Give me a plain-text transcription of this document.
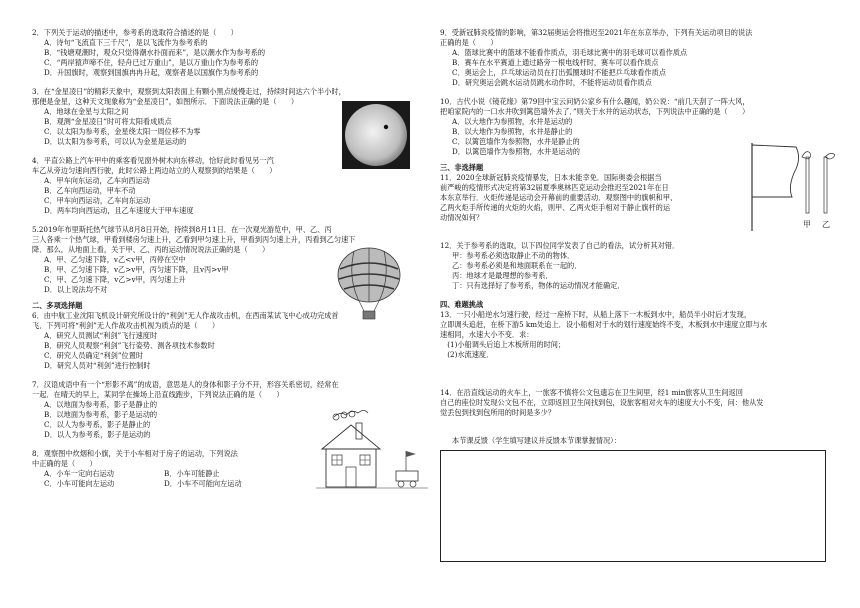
2．下列关于运动的描述中，参考系的选取符合描述的是（　　）
A．诗句“飞流直下三千尺”，是以飞流作为参考系的
B．“钱塘观潮时，观众只觉得潮水扑面而来”，是以潮水作为参考系的
C．“两岸猿声啼不住，轻舟已过万重山”，是以万重山作为参考系的
D．升国旗时，观察到国旗冉冉升起，观察者是以国旗作为参考系的
3．在“金星凌日”的精彩天象中，观察到太阳表面上有颗小黑点缓慢走过，持续时间达六个半小时，
那便是金星，这种天文现象称为“金星凌日”，如图所示．下面说法正确的是（　　）
A．地球在金星与太阳之间
B．观测“金星凌日”时可将太阳看成质点
C．以太阳为参考系，金星绕太阳一周位移不为零
D．以太阳为参考系，可以认为金星是运动的
4．平直公路上汽车甲中的乘客看见窗外树木向东移动，恰好此时看见另一汽
车乙从旁边匀速向西行驶，此时公路上两边站立的人观察到的结果是（　　）
A．甲车向东运动，乙车向西运动
B．乙车向西运动，甲车不动
C．甲车向西运动，乙车向东运动
D．两车均向西运动，且乙车速度大于甲车速度
5.2019年布里斯托热气球节从8月8日开始，持续到8月11日．在一次观光游览中，甲、乙、丙
三人各乘一个热气球，甲看到楼房匀速上升，乙看到甲匀速上升，甲看到丙匀速上升，丙看到乙匀速下
降．那么，从地面上看，关于甲、乙、丙的运动情况说法正确的是（　　）
A．甲、乙匀速下降，v乙<v甲，丙停在空中
B．甲、乙匀速下降，v乙>v甲，丙匀速下降，且v丙>v甲
C．甲、乙匀速下降，v乙>v甲，丙匀速上升
D．以上说法均不对
二、多项选择题
6．由中航工业沈阳飞机设计研究所设计的“利剑”无人作战攻击机，在西南某试飞中心成功完成首
飞．下列可将“利剑”无人作战攻击机视为质点的是（　　）
A．研究人员测试“利剑”飞行速度时
B．研究人员观察“利剑”飞行姿势、测各项技术参数时
C．研究人员确定“利剑”位置时
D．研究人员对“利剑”进行控制时
7．汉语成语中有一个“形影不离”的成语，意思是人的身体和影子分不开，形容关系密切，经常在
一起．在晴天的早上，某同学在操场上沿直线跑步，下列说法正确的是（　　）
A．以地面为参考系，影子是静止的
B．以地面为参考系，影子是运动的
C．以人为参考系，影子是静止的
D．以人为参考系，影子是运动的
8．观察图中炊烟和小旗，关于小车相对于房子的运动，下列说法
中正确的是（　　）
A．小车一定向右运动	B．小车可能静止
C．小车可能向左运动	D．小车不可能向左运动
9．受新冠肺炎疫情的影响，第32届奥运会将推迟至2021年在东京举办，下列有关运动项目的说法
正确的是（　　）
A．篮球比赛中的篮球不能看作质点，羽毛球比赛中的羽毛球可以看作质点
B．赛车在水平赛道上通过路旁一根电线杆时，赛车可以看作质点
C．奥运会上，乒乓球运动员在打出弧圈球时不能把乒乓球看作质点
D．研究奥运会跳水运动员跳水动作时，不能将运动员看作质点
10．古代小说《镜花缘》第79回中宝云问奶公家乡有什么趣闻，奶公说：“前几天刮了一阵大风，
把咱家院内的一口水井吹到篱笆墙外去了．”则关于水井的运动状态，下列说法中正确的是（　　）
A．以大地作为参照物，水井是运动的
B．以大地作为参照物，水井是静止的
C．以篱笆墙作为参照物，水井是静止的
D．以篱笆墙作为参照物，水井是运动的
三、非选择题
11．2020全球新冠肺炎疫情暴发，日本未能幸免．国际奥委会根据当
前严峻的疫情形式决定将第32届夏季奥林匹克运动会推迟至2021年在日
本东京举行．火炬传递是运动会开幕前的重要活动．观察图中的旗帜和甲、
乙两火炬手所传递的火炬的火焰，则甲、乙两火炬手相对于静止旗杆的运
动情况如何？
甲 乙
12．关于参考系的选取，以下四位同学发表了自己的看法，试分析其对错．
甲：参考系必须选取静止不动的物体．
乙：参考系必须是和地面联系在一起的．
丙：地球才是最理想的参考系．
丁：只有选择好了参考系，物体的运动情况才能确定．
四、难题挑战
13．一只小船逆水匀速行驶，经过一座桥下时，从船上落下一木板到水中，船员半小时后才发现，
立即调头追赶，在桥下游5 km处追上．设小船相对于水的划行速度始终不变，木板到水中速度立即与水
速相同，水速大小不变．求：
　(1)小船调头后追上木板所用的时间；
　(2)水流速度．
14．在沿直线运动的火车上，一旅客不慎将公文包遗忘在卫生间里，经1 min旅客从卫生间返回
自己的座位时发现公文包不在，立即返回卫生间找到包，设旅客相对火车的速度大小不变，问：他从发
觉丢包到找到包所用的时间是多少？
本节课反馈（学生填写建议并反馈本节课掌握情况）：
